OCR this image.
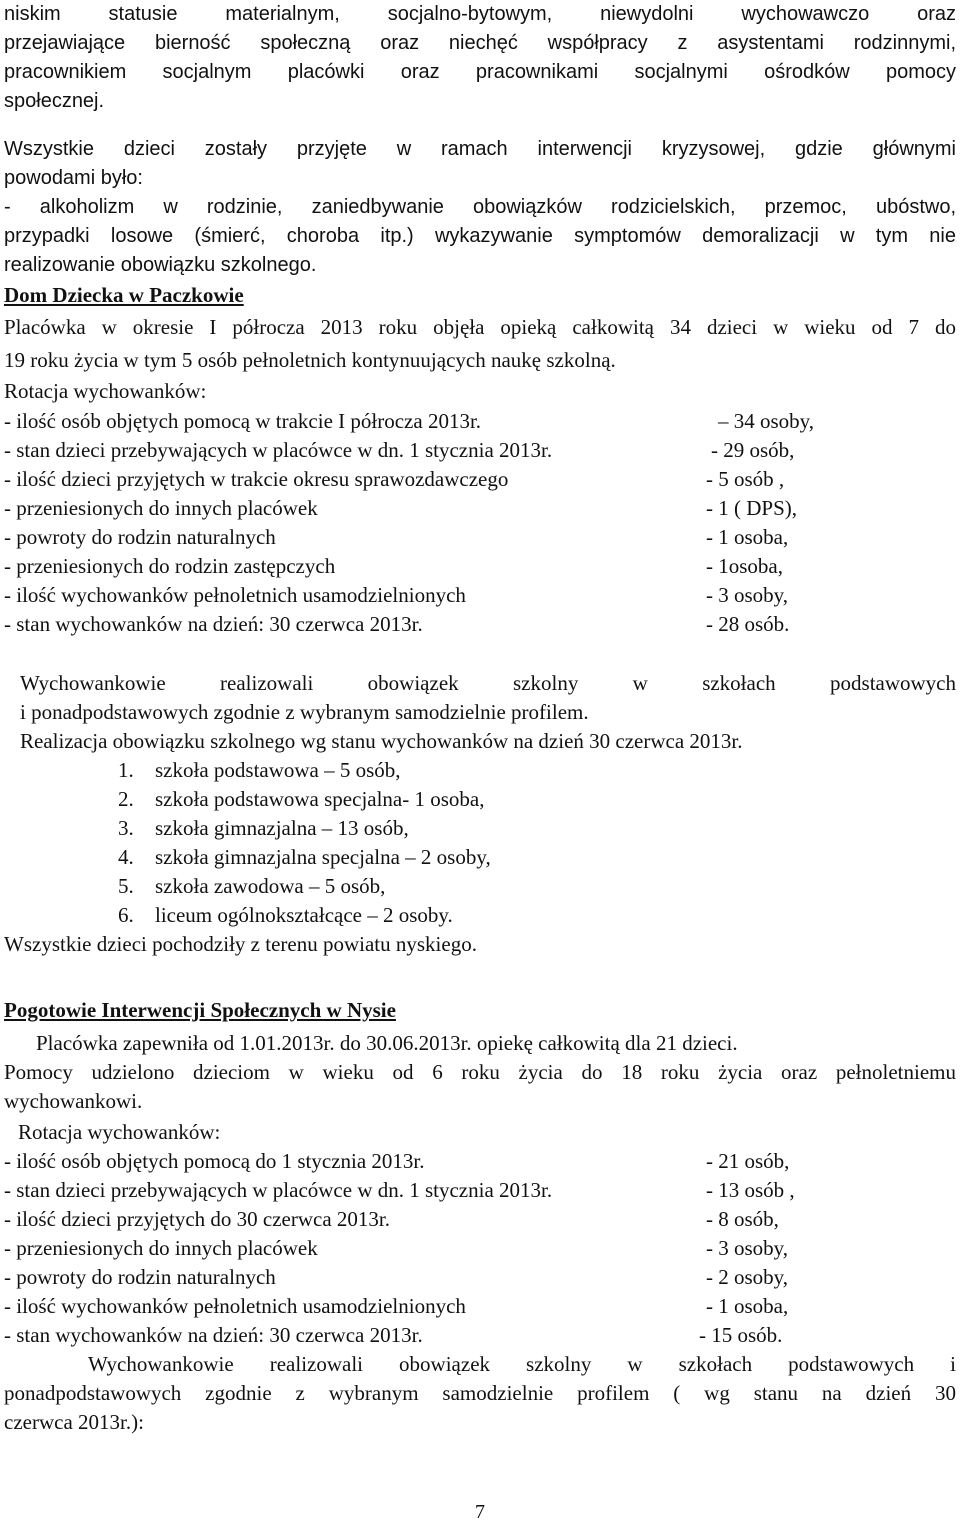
niskim statusie materialnym, socjalno-bytowym, niewydolni wychowawczo oraz
przejawiające bierność społeczną oraz niechęć współpracy z asystentami rodzinnymi,
pracownikiem socjalnym placówki oraz pracownikami socjalnymi ośrodków pomocy
społecznej.
Wszystkie dzieci zostały przyjęte w ramach interwencji kryzysowej, gdzie głównymi
powodami było:
- alkoholizm w rodzinie, zaniedbywanie obowiązków rodzicielskich, przemoc, ubóstwo,
przypadki losowe (śmierć, choroba itp.) wykazywanie symptomów demoralizacji w tym nie
realizowanie obowiązku szkolnego.
Dom Dziecka w Paczkowie
Placówka w okresie I półrocza 2013 roku objęła opieką całkowitą 34 dzieci w wieku od 7 do
19 roku życia w tym 5 osób pełnoletnich kontynuujących naukę szkolną.
Rotacja wychowanków:
- ilość osób objętych pomocą w trakcie I półrocza 2013r.	– 34 osoby,
- stan dzieci przebywających w placówce w dn. 1 stycznia 2013r.	- 29 osób,
- ilość dzieci przyjętych w trakcie okresu sprawozdawczego	- 5 osób ,
- przeniesionych do innych placówek	- 1 ( DPS),
- powroty do rodzin naturalnych	- 1 osoba,
- przeniesionych do rodzin zastępczych	- 1osoba,
- ilość wychowanków pełnoletnich usamodzielnionych	- 3 osoby,
- stan wychowanków na dzień: 30 czerwca 2013r.	- 28 osób.
Wychowankowie realizowali obowiązek szkolny w szkołach podstawowych
i ponadpodstawowych zgodnie z wybranym samodzielnie profilem.
Realizacja obowiązku szkolnego wg stanu wychowanków na dzień 30 czerwca 2013r.
1. szkoła podstawowa – 5 osób,
2. szkoła podstawowa specjalna- 1 osoba,
3. szkoła gimnazjalna – 13 osób,
4. szkoła gimnazjalna specjalna – 2 osoby,
5. szkoła zawodowa – 5 osób,
6. liceum ogólnokształcące – 2 osoby.
Wszystkie dzieci pochodziły z terenu powiatu nyskiego.
Pogotowie Interwencji Społecznych w Nysie
Placówka zapewniła od 1.01.2013r. do 30.06.2013r. opiekę całkowitą dla 21 dzieci.
Pomocy udzielono dzieciom w wieku od 6 roku życia do 18 roku życia oraz pełnoletniemu
wychowankowi.
Rotacja wychowanków:
- ilość osób objętych pomocą do 1 stycznia 2013r.	- 21 osób,
- stan dzieci przebywających w placówce w dn. 1 stycznia 2013r.	- 13 osób ,
- ilość dzieci przyjętych do 30 czerwca 2013r.	- 8 osób,
- przeniesionych do innych placówek	- 3 osoby,
- powroty do rodzin naturalnych	- 2 osoby,
- ilość wychowanków pełnoletnich usamodzielnionych	- 1 osoba,
- stan wychowanków na dzień: 30 czerwca 2013r.	- 15 osób.
Wychowankowie realizowali obowiązek szkolny w szkołach podstawowych i
ponadpodstawowych zgodnie z wybranym samodzielnie profilem ( wg stanu na dzień 30
czerwca 2013r.):
7
